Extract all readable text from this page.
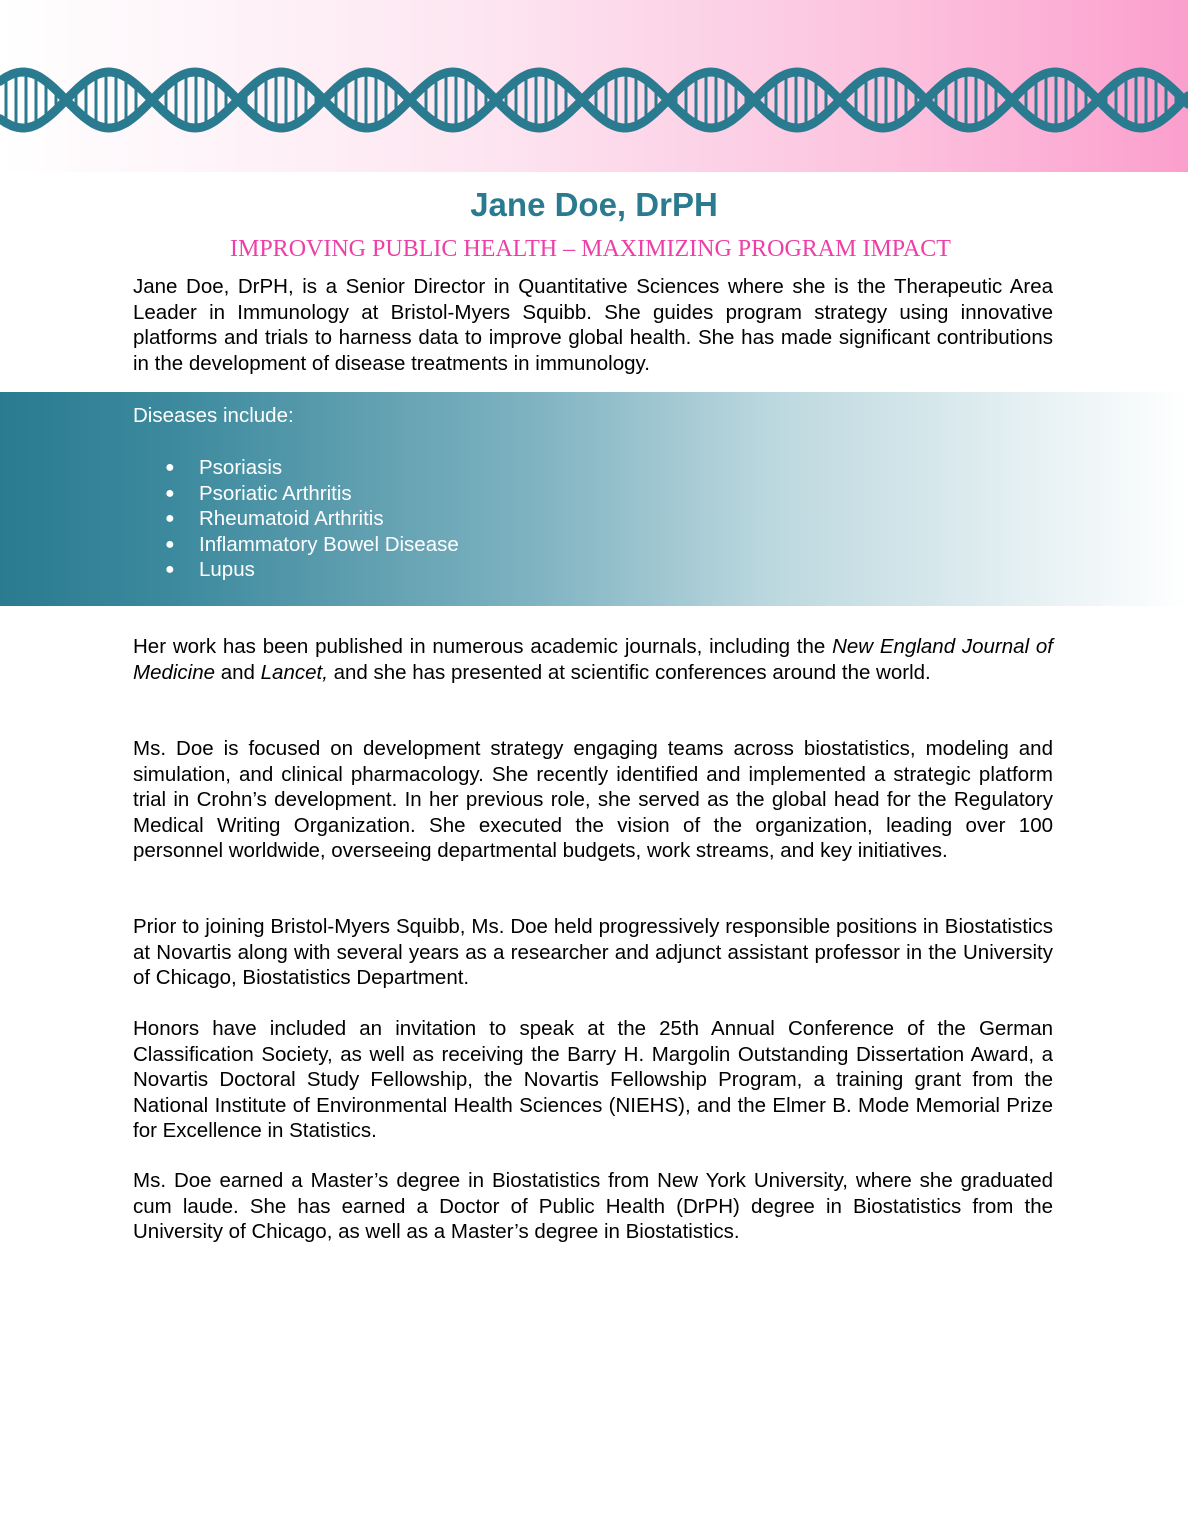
Jane Doe, DrPH

IMPROVING PUBLIC HEALTH – MAXIMIZING PROGRAM IMPACT

Jane Doe, DrPH, is a Senior Director in Quantitative Sciences where she is the Therapeutic Area Leader in Immunology at Bristol-Myers Squibb. She guides program strategy using innovative platforms and trials to harness data to improve global health. She has made significant contributions in the development of disease treatments in immunology.

Diseases include:

● Psoriasis
● Psoriatic Arthritis
● Rheumatoid Arthritis
● Inflammatory Bowel Disease
● Lupus

Her work has been published in numerous academic journals, including the New England Journal of Medicine and Lancet, and she has presented at scientific conferences around the world.

Ms. Doe is focused on development strategy engaging teams across biostatistics, modeling and simulation, and clinical pharmacology. She recently identified and implemented a strategic platform trial in Crohn’s development. In her previous role, she served as the global head for the Regulatory Medical Writing Organization. She executed the vision of the organization, leading over 100 personnel worldwide, overseeing departmental budgets, work streams, and key initiatives.

Prior to joining Bristol-Myers Squibb, Ms. Doe held progressively responsible positions in Biostatistics at Novartis along with several years as a researcher and adjunct assistant professor in the University of Chicago, Biostatistics Department.

Honors have included an invitation to speak at the 25th Annual Conference of the German Classification Society, as well as receiving the Barry H. Margolin Outstanding Dissertation Award, a Novartis Doctoral Study Fellowship, the Novartis Fellowship Program, a training grant from the National Institute of Environmental Health Sciences (NIEHS), and the Elmer B. Mode Memorial Prize for Excellence in Statistics.

Ms. Doe earned a Master’s degree in Biostatistics from New York University, where she graduated cum laude. She has earned a Doctor of Public Health (DrPH) degree in Biostatistics from the University of Chicago, as well as a Master’s degree in Biostatistics.
